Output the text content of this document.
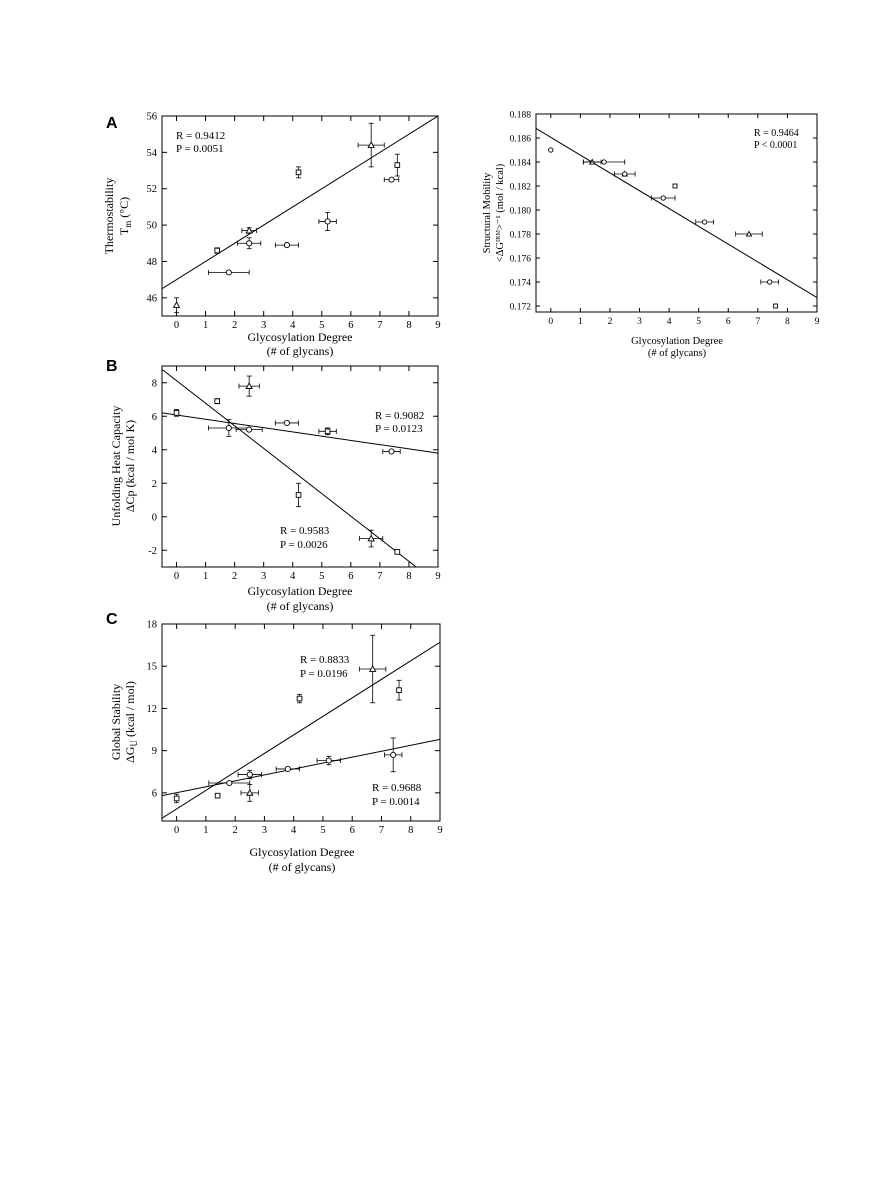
A
0 1 2 3 4 5 6 7 8 9
46
48
50
52
54
56
R = 0.9412
P = 0.0051
Glycosylation Degree
(# of glycans)
Thermostability $T_m$ (°C)
0	1	2	3	4	5	6	7	8	9
0.172
0.174
0.176
0.178
0.180
0.182
0.184
0.186
0.188
R = 0.9464
P < 0.0001
Glycosylation Degree
(# of glycans)
Structural Mobility <ΔGᴵᴿᴹ>⁻¹ (mol / kcal)
B
0 1 2 3 4 5 6 7 8 9
-2
0
2
4
6
8
R = 0.9082
P = 0.0123
R = 0.9583
P = 0.0026
Glycosylation Degree
(# of glycans)
Unfolding Heat Capacity ΔCp (kcal / mol K)
C
0 1 2 3 4 5 6 7 8 9
6
9
12
15
18
R = 0.8833
P = 0.0196
R = 0.9688
P = 0.0014
Glycosylation Degree
(# of glycans)
Global Stability $\Delta G_U$ (kcal / mol)
